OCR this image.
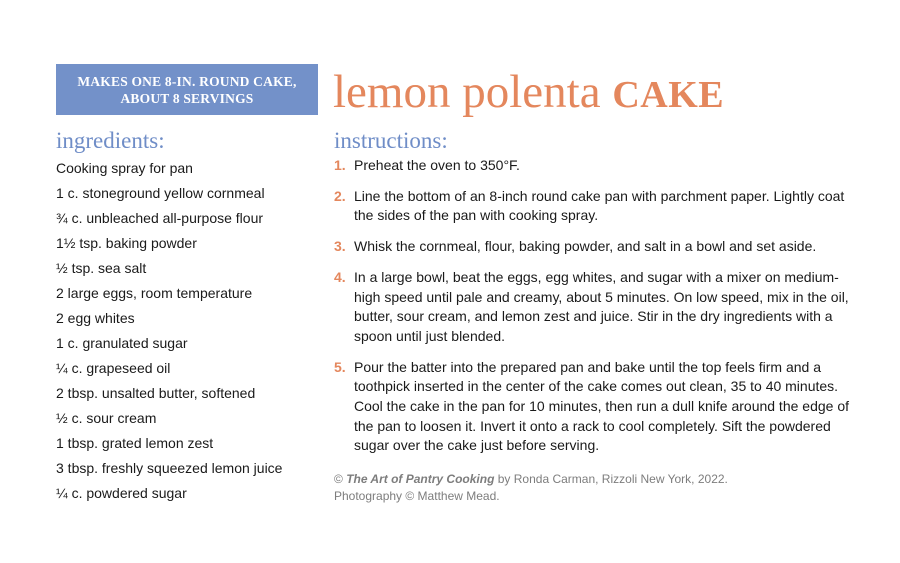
MAKES ONE 8-IN. ROUND CAKE,
ABOUT 8 SERVINGS	lemon polenta CAKE
ingredients:
Cooking spray for pan
1 c. stoneground yellow cornmeal
¾ c. unbleached all-purpose flour
1½ tsp. baking powder
½ tsp. sea salt
2 large eggs, room temperature
2 egg whites
1 c. granulated sugar
¼ c. grapeseed oil
2 tbsp. unsalted butter, softened
½ c. sour cream
1 tbsp. grated lemon zest
3 tbsp. freshly squeezed lemon juice
¼ c. powdered sugar
instructions:
1. Preheat the oven to 350°F.
2. Line the bottom of an 8-inch round cake pan with parchment paper. Lightly coat the sides of the pan with cooking spray.
3. Whisk the cornmeal, flour, baking powder, and salt in a bowl and set aside.
4. In a large bowl, beat the eggs, egg whites, and sugar with a mixer on medium-high speed until pale and creamy, about 5 minutes. On low speed, mix in the oil, butter, sour cream, and lemon zest and juice. Stir in the dry ingredients with a spoon until just blended.
5. Pour the batter into the prepared pan and bake until the top feels firm and a toothpick inserted in the center of the cake comes out clean, 35 to 40 minutes. Cool the cake in the pan for 10 minutes, then run a dull knife around the edge of the pan to loosen it. Invert it onto a rack to cool completely. Sift the powdered sugar over the cake just before serving.
© The Art of Pantry Cooking by Ronda Carman, Rizzoli New York, 2022.
Photography © Matthew Mead.
